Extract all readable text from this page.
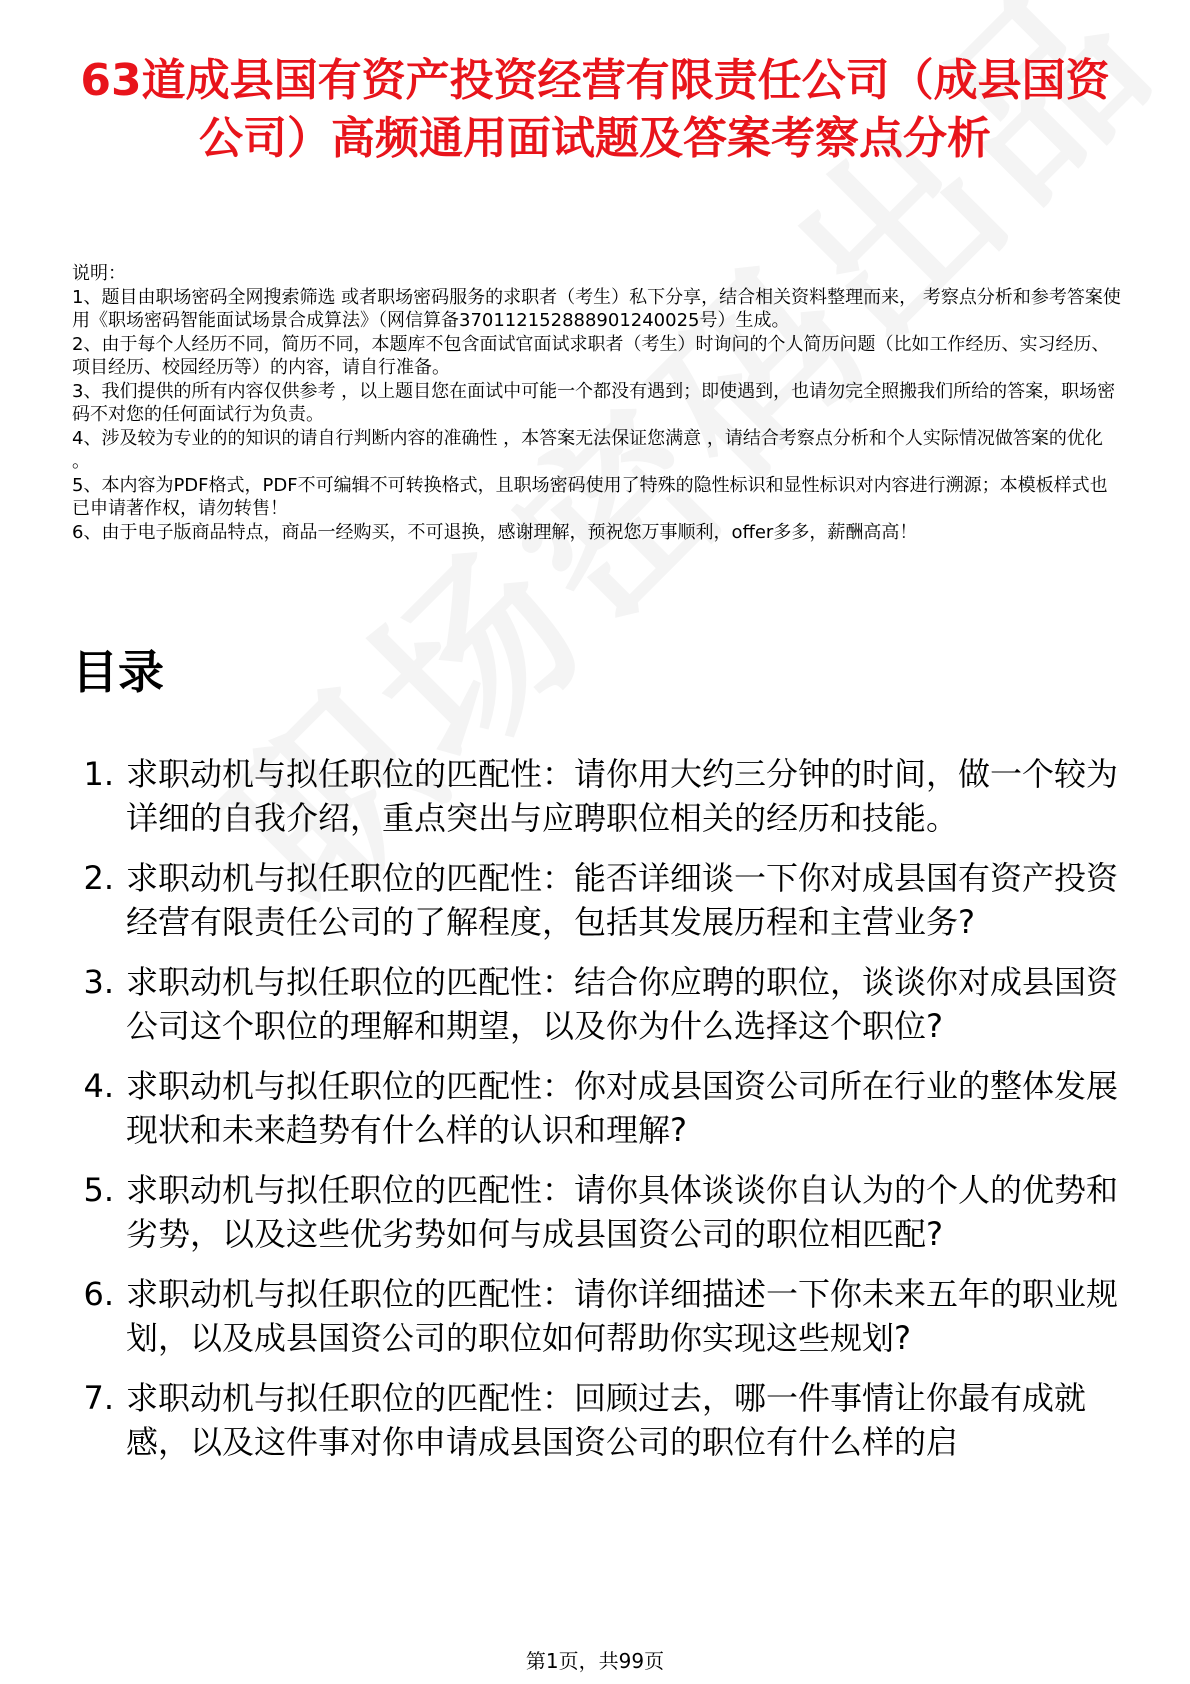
63道成县国有资产投资经营有限责任公司（成县国资公司）高频通用面试题及答案考察点分析

说明：

1、题目由职场密码全网搜索筛选 或者职场密码服务的求职者（考生）私下分享，结合相关资料整理而来， 考察点分析和参考答案使用《职场密码智能面试场景合成算法》（网信算备370112152888901240025号）生成。

2、由于每个人经历不同，简历不同，本题库不包含面试官面试求职者（考生）时询问的个人简历问题（比如工作经历、实习经历、项目经历、校园经历等）的内容，请自行准备。

3、我们提供的所有内容仅供参考 ，以上题目您在面试中可能一个都没有遇到；即使遇到，也请勿完全照搬我们所给的答案，职场密码不对您的任何面试行为负责。

4、涉及较为专业的的知识的请自行判断内容的准确性 ，本答案无法保证您满意 ，请结合考察点分析和个人实际情况做答案的优化 。

5、本内容为PDF格式，PDF不可编辑不可转换格式，且职场密码使用了特殊的隐性标识和显性标识对内容进行溯源；本模板样式也已申请著作权，请勿转售！

6、由于电子版商品特点，商品一经购买，不可退换，感谢理解，预祝您万事顺利，offer多多，薪酬高高！

目录
1. 求职动机与拟任职位的匹配性：请你用大约三分钟的时间，做一个较为详细的自我介绍，重点突出与应聘职位相关的经历和技能。
2. 求职动机与拟任职位的匹配性：能否详细谈一下你对成县国有资产投资经营有限责任公司的了解程度，包括其发展历程和主营业务?
3. 求职动机与拟任职位的匹配性：结合你应聘的职位，谈谈你对成县国资公司这个职位的理解和期望，以及你为什么选择这个职位?
4. 求职动机与拟任职位的匹配性：你对成县国资公司所在行业的整体发展现状和未来趋势有什么样的认识和理解?
5. 求职动机与拟任职位的匹配性：请你具体谈谈你自认为的个人的优势和劣势，以及这些优劣势如何与成县国资公司的职位相匹配?
6. 求职动机与拟任职位的匹配性：请你详细描述一下你未来五年的职业规划，以及成县国资公司的职位如何帮助你实现这些规划?
7. 求职动机与拟任职位的匹配性：回顾过去，哪一件事情让你最有成就感，以及这件事对你申请成县国资公司的职位有什么样的启
第1页，共99页
